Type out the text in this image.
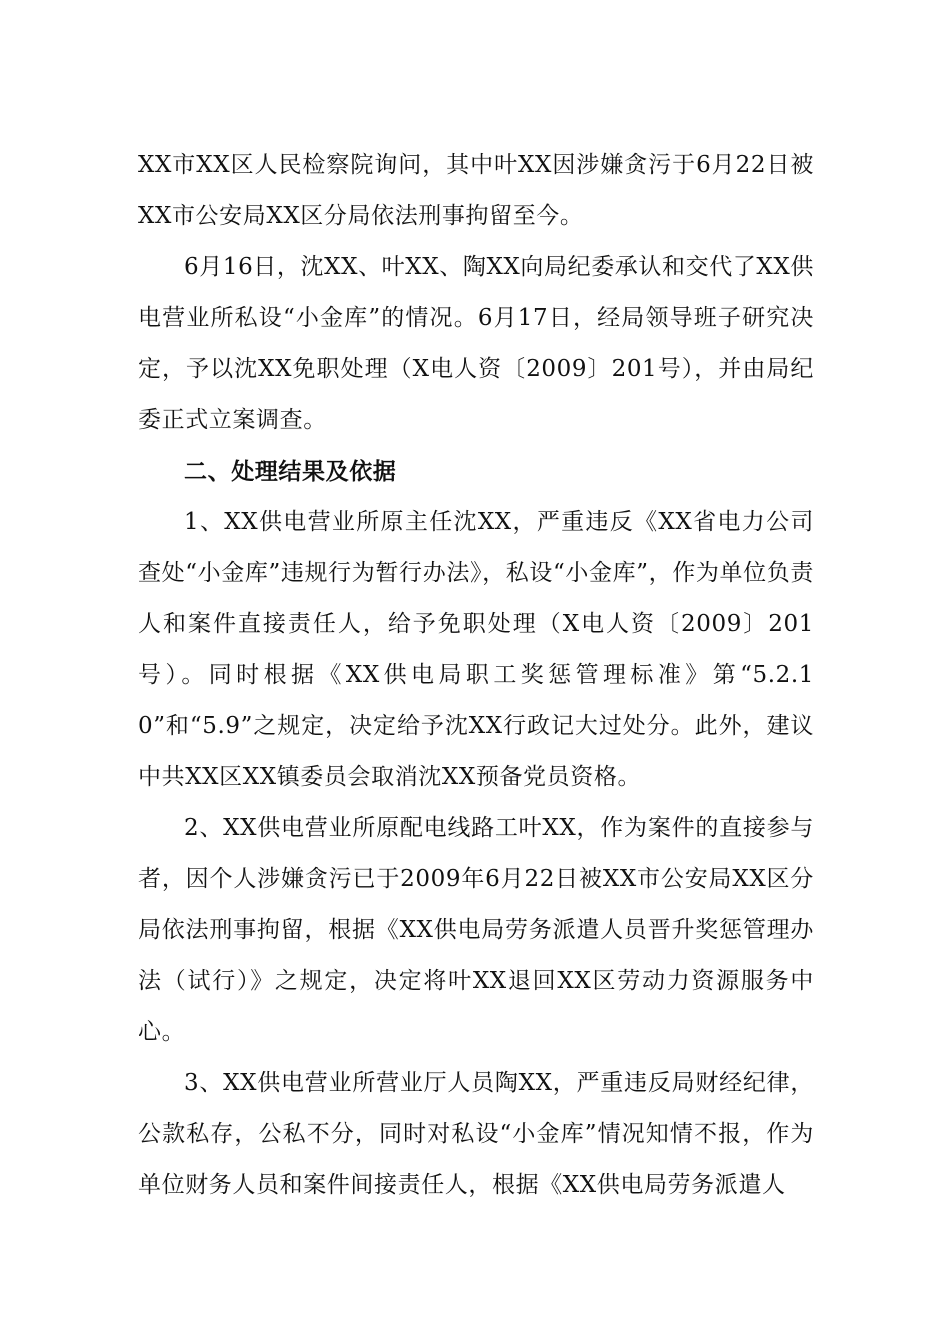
XX市XX区人民检察院询问，其中叶XX因涉嫌贪污于6月22日被XX市公安局XX区分局依法刑事拘留至今。

6月16日，沈XX、叶XX、陶XX向局纪委承认和交代了XX供电营业所私设“小金库”的情况。6月17日，经局领导班子研究决定，予以沈XX免职处理（X电人资〔2009〕201号），并由局纪委正式立案调查。

二、处理结果及依据

1、XX供电营业所原主任沈XX，严重违反《XX省电力公司查处“小金库”违规行为暂行办法》，私设“小金库”，作为单位负责人和案件直接责任人，给予免职处理（X电人资〔2009〕201号）。同时根据《XX供电局职工奖惩管理标准》第“5.2.10”和“5.9”之规定，决定给予沈XX行政记大过处分。此外，建议中共XX区XX镇委员会取消沈XX预备党员资格。

2、XX供电营业所原配电线路工叶XX，作为案件的直接参与者，因个人涉嫌贪污已于2009年6月22日被XX市公安局XX区分局依法刑事拘留，根据《XX供电局劳务派遣人员晋升奖惩管理办法（试行）》之规定，决定将叶XX退回XX区劳动力资源服务中心。

3、XX供电营业所营业厅人员陶XX，严重违反局财经纪律，公款私存，公私不分，同时对私设“小金库”情况知情不报，作为单位财务人员和案件间接责任人，根据《XX供电局劳务派遣人
